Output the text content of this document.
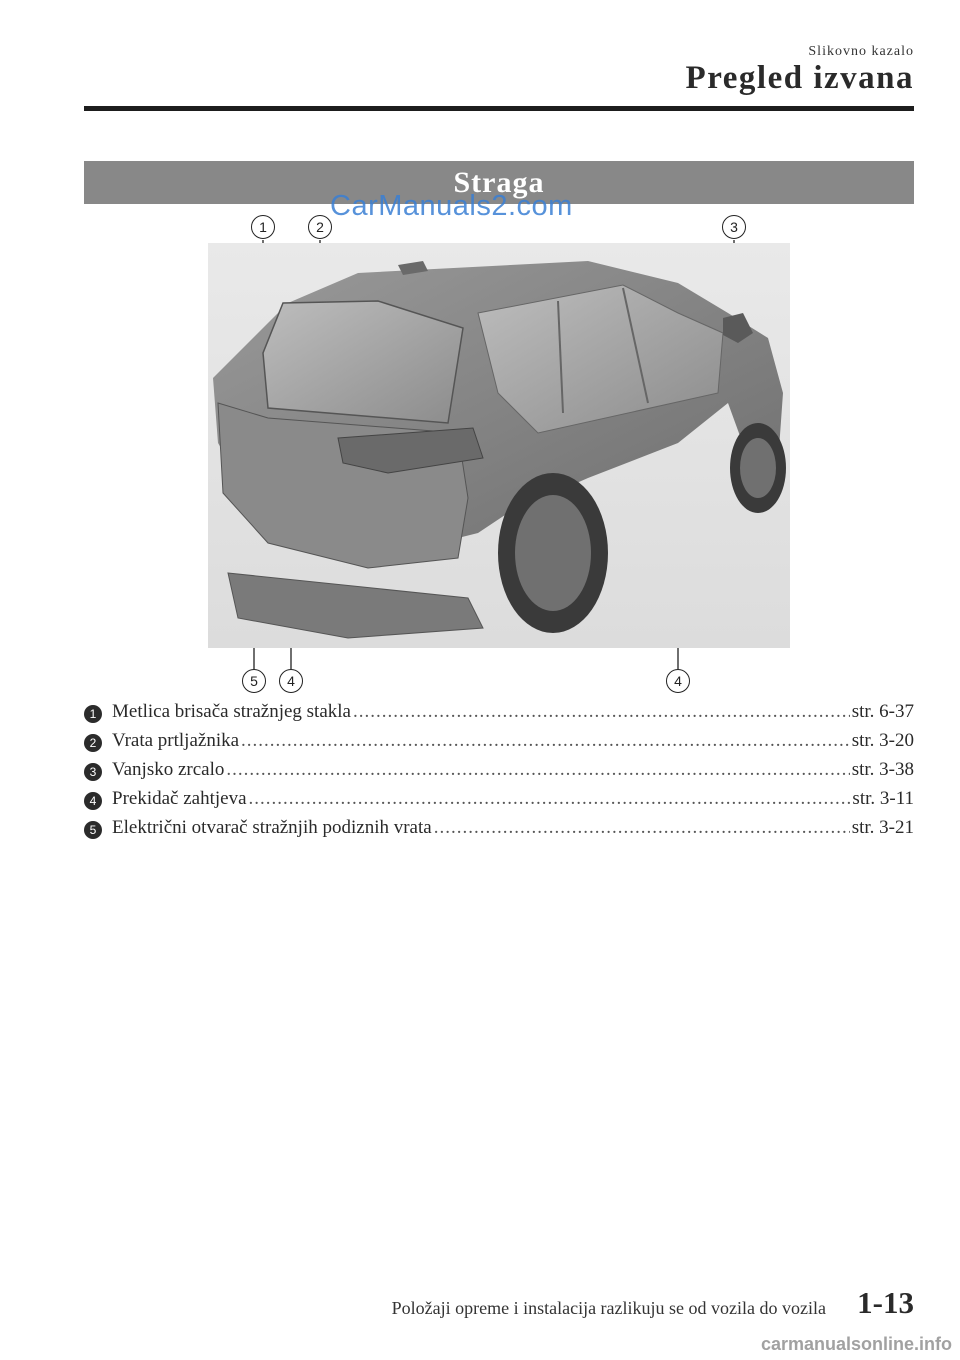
Slikovno kazalo
Pregled izvana
Straga
CarManuals2.com
1	2	3
5	4	4
1 Metlica brisača stražnjeg stakla .....	str. 6-37
2 Vrata prtljažnika .....	str. 3-20
3 Vanjsko zrcalo .....	str. 3-38
4 Prekidač zahtjeva .....	str. 3-11
5 Električni otvarač stražnjih podiznih vrata .....	str. 3-21
Položaji opreme i instalacija razlikuju se od vozila do vozila 1-13
carmanualsonline.info
